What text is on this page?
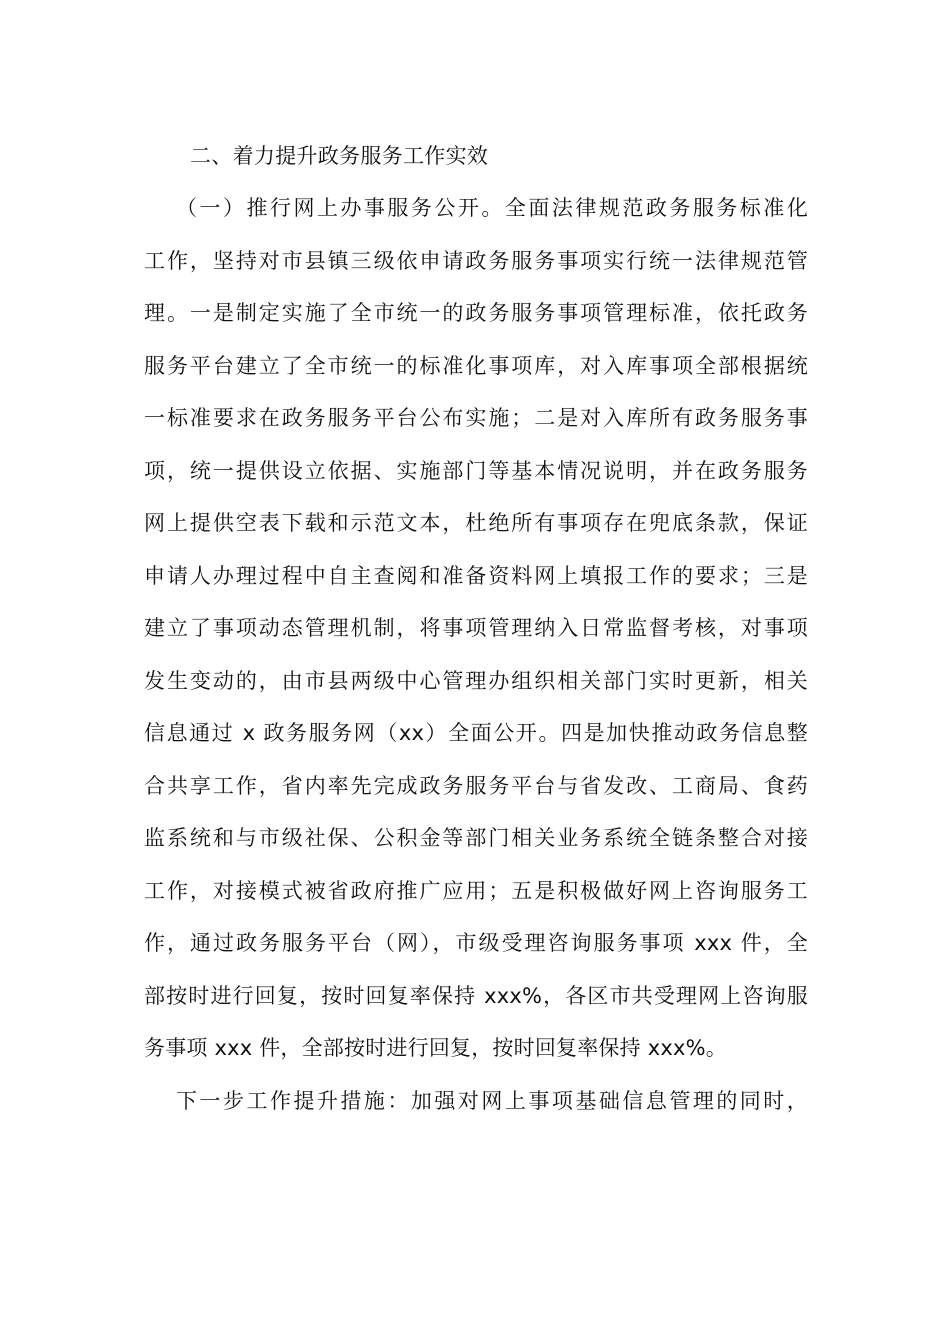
二、着力提升政务服务工作实效
（一）推行网上办事服务公开。全面法律规范政务服务标准化
工作，坚持对市县镇三级依申请政务服务事项实行统一法律规范管
理。一是制定实施了全市统一的政务服务事项管理标准，依托政务
服务平台建立了全市统一的标准化事项库，对入库事项全部根据统
一标准要求在政务服务平台公布实施；二是对入库所有政务服务事
项，统一提供设立依据、实施部门等基本情况说明，并在政务服务
网上提供空表下载和示范文本，杜绝所有事项存在兜底条款，保证
申请人办理过程中自主查阅和准备资料网上填报工作的要求；三是
建立了事项动态管理机制，将事项管理纳入日常监督考核，对事项
发生变动的，由市县两级中心管理办组织相关部门实时更新，相关
信息通过 x 政务服务网（xx）全面公开。四是加快推动政务信息整
合共享工作，省内率先完成政务服务平台与省发改、工商局、食药
监系统和与市级社保、公积金等部门相关业务系统全链条整合对接
工作，对接模式被省政府推广应用；五是积极做好网上咨询服务工
作，通过政务服务平台（网），市级受理咨询服务事项 xxx 件，全
部按时进行回复，按时回复率保持 xxx%，各区市共受理网上咨询服
务事项 xxx 件，全部按时进行回复，按时回复率保持 xxx%。
下一步工作提升措施：加强对网上事项基础信息管理的同时，
